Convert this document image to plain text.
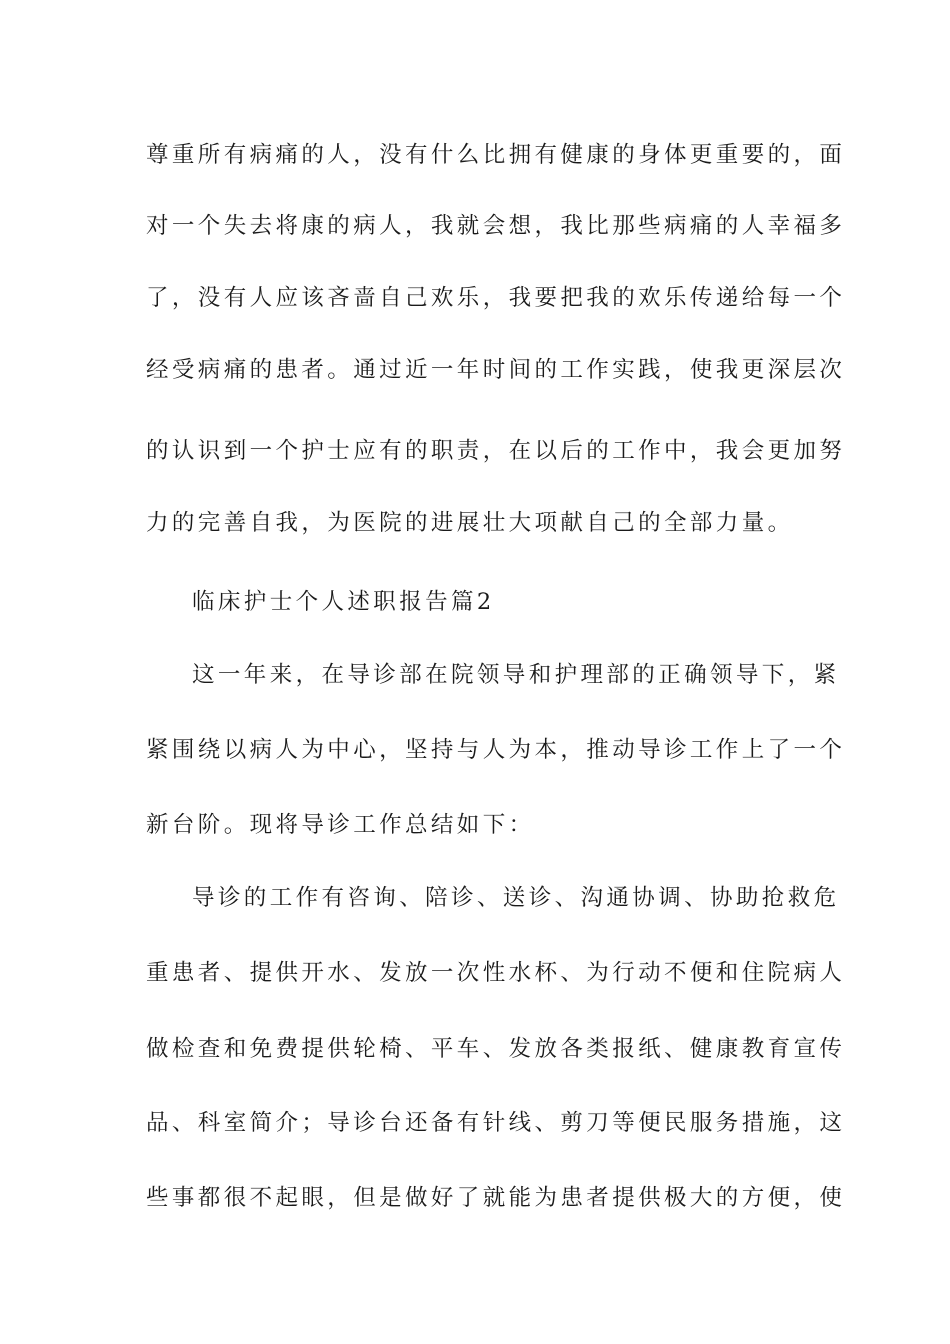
尊重所有病痛的人，没有什么比拥有健康的身体更重要的，面
对一个失去将康的病人，我就会想，我比那些病痛的人幸福多
了，没有人应该吝啬自己欢乐，我要把我的欢乐传递给每一个
经受病痛的患者。通过近一年时间的工作实践，使我更深层次
的认识到一个护士应有的职责，在以后的工作中，我会更加努
力的完善自我，为医院的进展壮大项献自己的全部力量。
临床护士个人述职报告篇2
这一年来，在导诊部在院领导和护理部的正确领导下，紧
紧围绕以病人为中心，坚持与人为本，推动导诊工作上了一个
新台阶。现将导诊工作总结如下：
导诊的工作有咨询、陪诊、送诊、沟通协调、协助抢救危
重患者、提供开水、发放一次性水杯、为行动不便和住院病人
做检查和免费提供轮椅、平车、发放各类报纸、健康教育宣传
品、科室简介；导诊台还备有针线、剪刀等便民服务措施，这
些事都很不起眼，但是做好了就能为患者提供极大的方便，使
